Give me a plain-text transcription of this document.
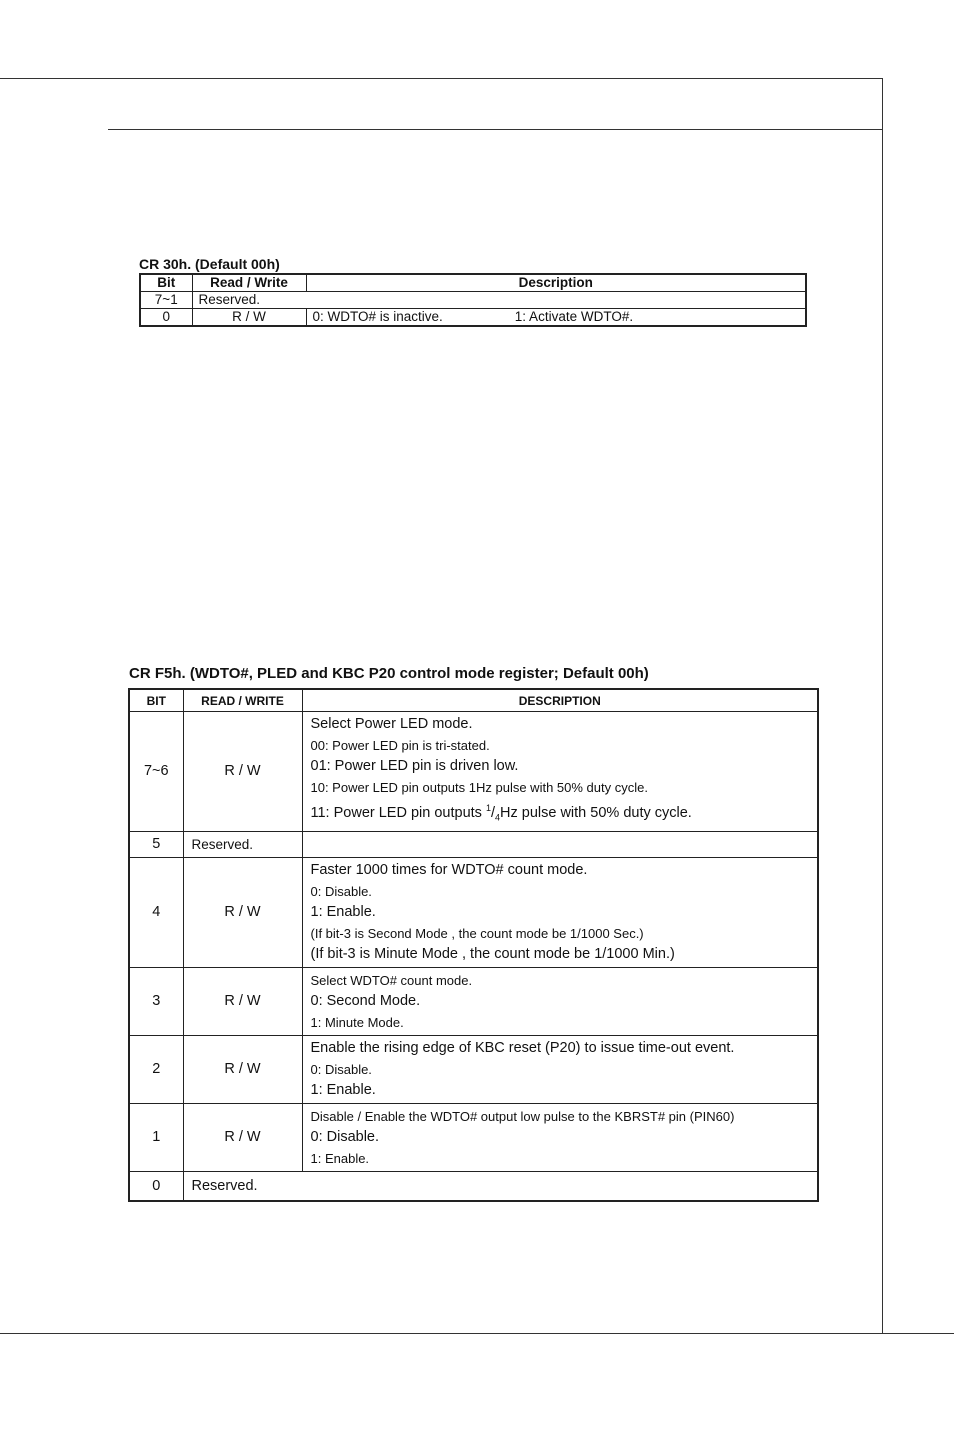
CR 30h. (Default 00h)
Bit	Read / Write	Description
7~1	Reserved.	
0	R / W	0: WDTO# is inactive. 1: Activate WDTO#.
CR F5h. (WDTO#, PLED and KBC P20 control mode register; Default 00h)
BIT	READ / WRITE	DESCRIPTION
7~6	R / W	Select Power LED mode.
00: Power LED pin is tri-stated.
01: Power LED pin is driven low.
10: Power LED pin outputs 1Hz pulse with 50% duty cycle.
11: Power LED pin outputs $^1/_4Hz$ pulse with 50% duty cycle.

5	Reserved.	
4	R / W	Faster 1000 times for WDTO# count mode.
0: Disable.
1: Enable.
(If bit-3 is Second Mode , the count mode be 1/1000 Sec.)
(If bit-3 is Minute Mode , the count mode be 1/1000 Min.)

3	R / W	Select WDTO# count mode.
0: Second Mode.
1: Minute Mode.

2	R / W	Enable the rising edge of KBC reset (P20) to issue time-out event.
0: Disable.
1: Enable.

1	R / W	Disable / Enable the WDTO# output low pulse to the KBRST# pin (PIN60)
0: Disable.
1: Enable.

0	Reserved.	
